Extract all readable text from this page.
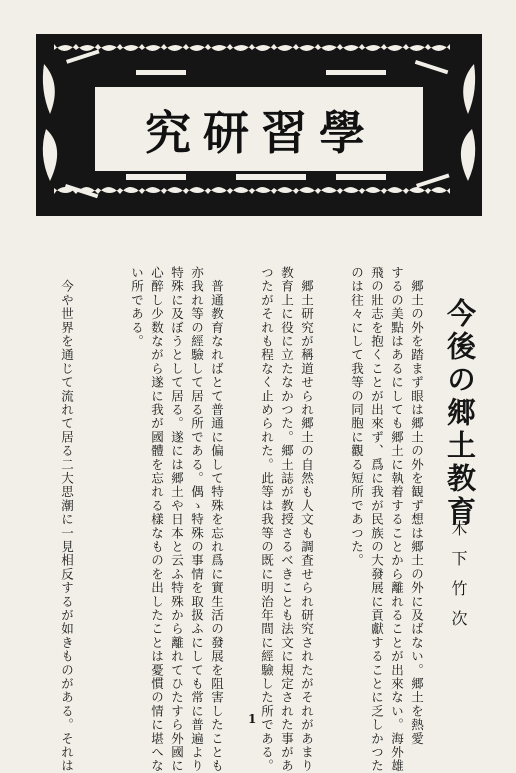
學習研究
今後の郷土教育
木下竹次
　郷土の外を踏まず眼は郷土の外を観ず想は郷土の外に及ばない。郷土を熱愛
するの美點はあるにしても郷土に執着することから離れることが出來ない。海外雄
飛の壯志を抱くことが出來ず、爲に我が民族の大發展に貢獻することに乏しかつた
のは往々にして我等の同胞に觀る短所であつた。
　郷土研究が稱道せられ郷土の自然も人文も調査せられ研究されたがそれがあまり
教育上に役に立たなかつた。郷土誌が教授さるべきことも法文に規定された事があ
つたがそれも程なく止められた。此等は我等の既に明治年間に經驗した所である。
　普通教育なればとて普通に偏して特殊を忘れ爲に實生活の發展を阻害したことも
亦我れ等の經驗して居る所である。偶ゝ特殊の事情を取扱ふにしても常に普遍より
特殊に及ぼうとして居る。遂には郷土や日本と云ふ特殊から離れてひたすら外國に
心醉し少数ながら遂に我が國體を忘れる樣なものを出したことは憂慣の情に堪へな
い所である。
　今や世界を通じて流れて居る二大思潮に一見相反するが如きものがある。それは	1
